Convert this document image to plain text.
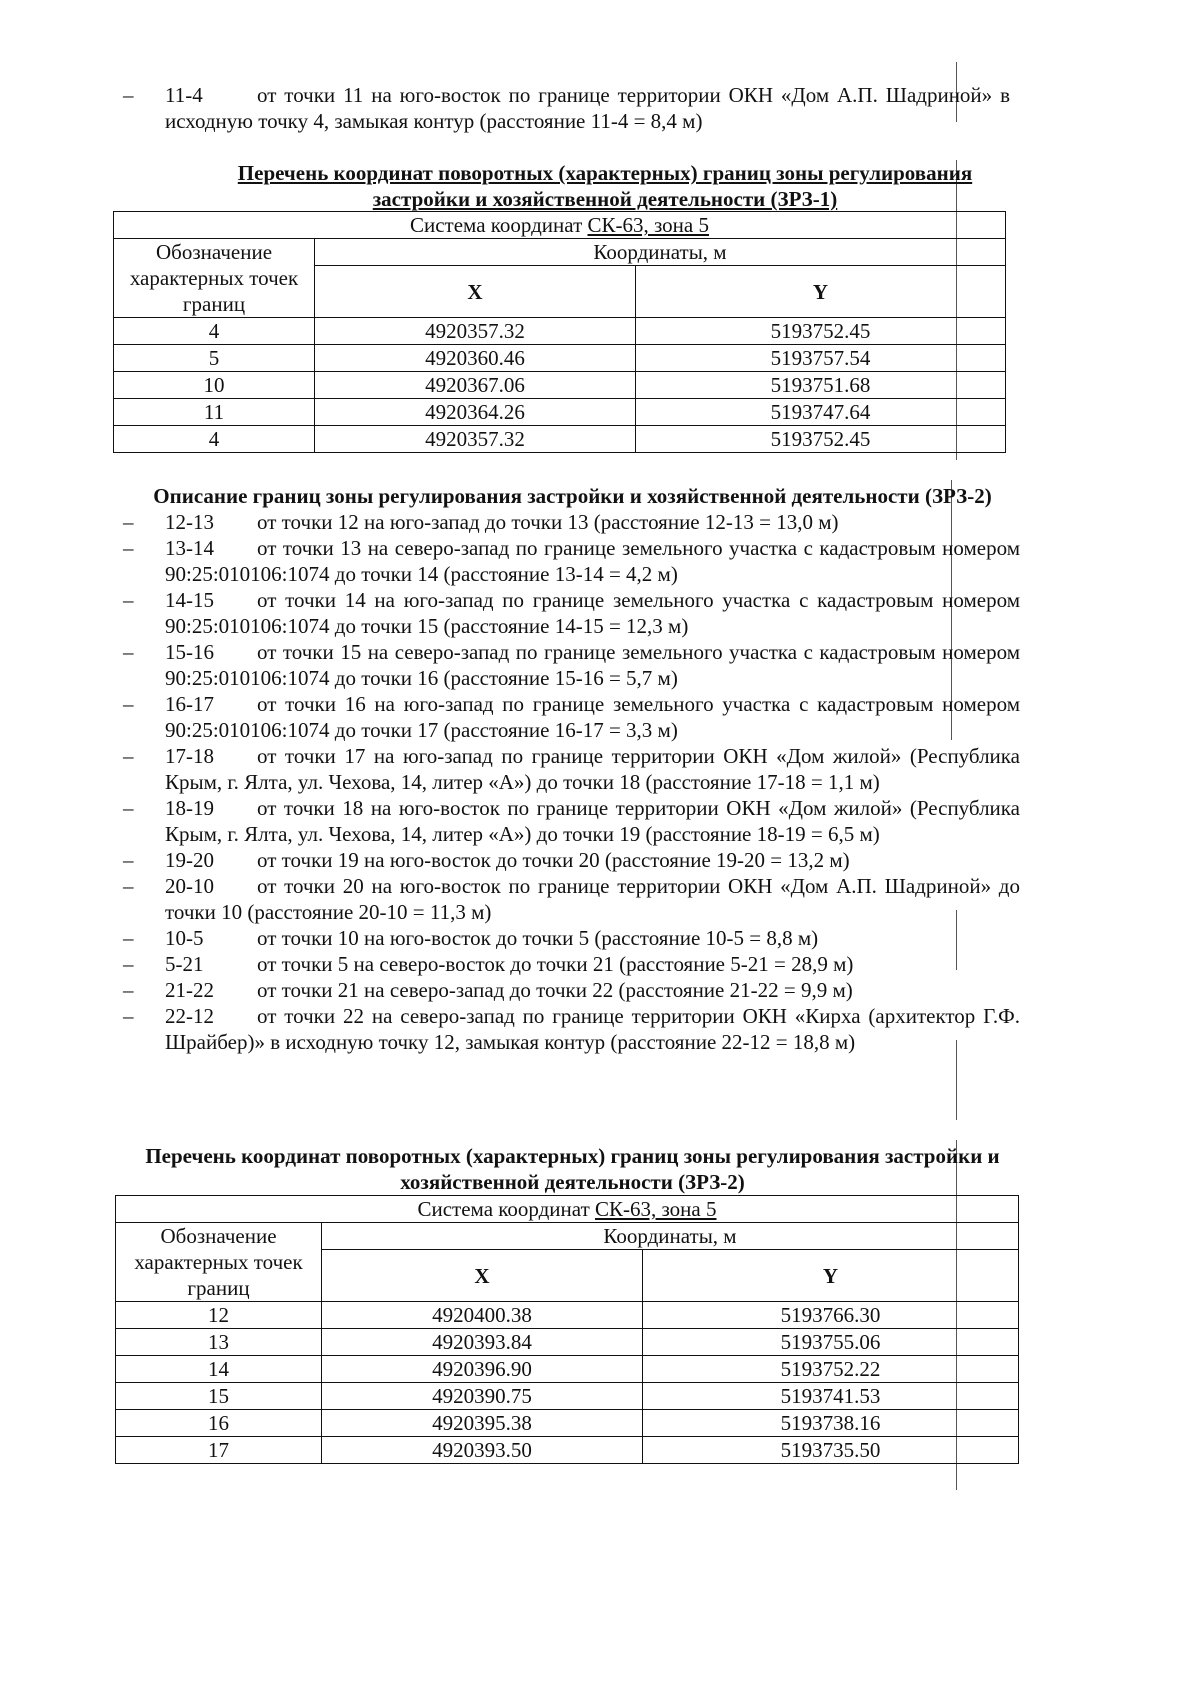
– 11-4	от точки 11 на юго-восток по границе территории ОКН «Дом А.П. Шадриной» в исходную точку 4, замыкая контур (расстояние 11-4 = 8,4 м)

Перечень координат поворотных (характерных) границ зоны регулирования застройки и хозяйственной деятельности (ЗРЗ-1)
Система координат СК-63, зона 5		
Обозначение характерных точек границ	Координаты, м	
	X	Y
4	4920357.32	5193752.45
5	4920360.46	5193757.54
10	4920367.06	5193751.68
11	4920364.26	5193747.64
4	4920357.32	5193752.45
Описание границ зоны регулирования застройки и хозяйственной деятельности (ЗРЗ-2)

– 12-13 от точки 12 на юго-запад до точки 13 (расстояние 12-13 = 13,0 м)

– 13-14 от точки 13 на северо-запад по границе земельного участка с кадастровым номером 90:25:010106:1074 до точки 14 (расстояние 13-14 = 4,2 м)

– 14-15 от точки 14 на юго-запад по границе земельного участка с кадастровым номером 90:25:010106:1074 до точки 15 (расстояние 14-15 = 12,3 м)

– 15-16 от точки 15 на северо-запад по границе земельного участка с кадастровым номером 90:25:010106:1074 до точки 16 (расстояние 15-16 = 5,7 м)

– 16-17 от точки 16 на юго-запад по границе земельного участка с кадастровым номером 90:25:010106:1074 до точки 17 (расстояние 16-17 = 3,3 м)

– 17-18 от точки 17 на юго-запад по границе территории ОКН «Дом жилой» (Республика Крым, г. Ялта, ул. Чехова, 14, литер «А») до точки 18 (расстояние 17-18 = 1,1 м)

– 18-19 от точки 18 на юго-восток по границе территории ОКН «Дом жилой» (Республика Крым, г. Ялта, ул. Чехова, 14, литер «А») до точки 19 (расстояние 18-19 = 6,5 м)

– 19-20 от точки 19 на юго-восток до точки 20 (расстояние 19-20 = 13,2 м)

– 20-10 от точки 20 на юго-восток по границе территории ОКН «Дом А.П. Шадриной» до точки 10 (расстояние 20-10 = 11,3 м)

– 10-5	от точки 10 на юго-восток до точки 5 (расстояние 10-5 = 8,8 м)

– 5-21	от точки 5 на северо-восток до точки 21 (расстояние 5-21 = 28,9 м)

– 21-22 от точки 21 на северо-запад до точки 22 (расстояние 21-22 = 9,9 м)

– 22-12 от точки 22 на северо-запад по границе территории ОКН «Кирха (архитектор Г.Ф. Шрайбер)» в исходную точку 12, замыкая контур (расстояние 22-12 = 18,8 м)

Перечень координат поворотных (характерных) границ зоны регулирования застройки и хозяйственной деятельности (ЗРЗ-2)
Система координат СК-63, зона 5		
Обозначение характерных точек границ	Координаты, м	
	X	Y
12	4920400.38	5193766.30
13	4920393.84	5193755.06
14	4920396.90	5193752.22
15	4920390.75	5193741.53
16	4920395.38	5193738.16
17	4920393.50	5193735.50
